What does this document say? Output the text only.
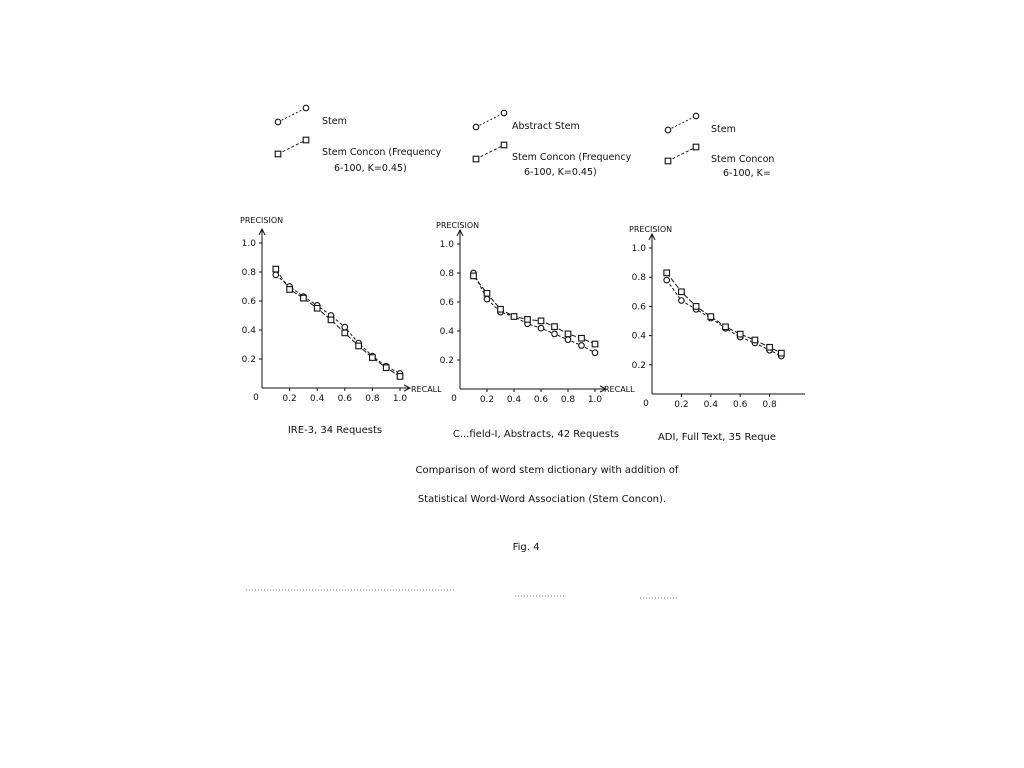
Stem
Stem Concon (Frequency
6-100, K=0.45)
PRECISION
RECALL
0	0.2 0.4 0.6 0.8 1.0
0.2
0.4
0.6
0.8
1.0
IRE-3, 34 Requests
Abstract Stem
Stem Concon (Frequency
6-100, K=0.45)
PRECISION
RECALL
0	0.2 0.4 0.6 0.8 1.0
0.2
0.4
0.6
0.8
1.0
C...field-I, Abstracts, 42 Requests
Stem
Stem Concon
6-100, K=
PRECISION
0	0.2 0.4 0.6 0.8
0.2
0.4
0.6
0.8
1.0
ADI, Full Text, 35 Reque
Comparison of word stem dictionary with addition of
Statistical Word-Word Association (Stem Concon).
Fig. 4
